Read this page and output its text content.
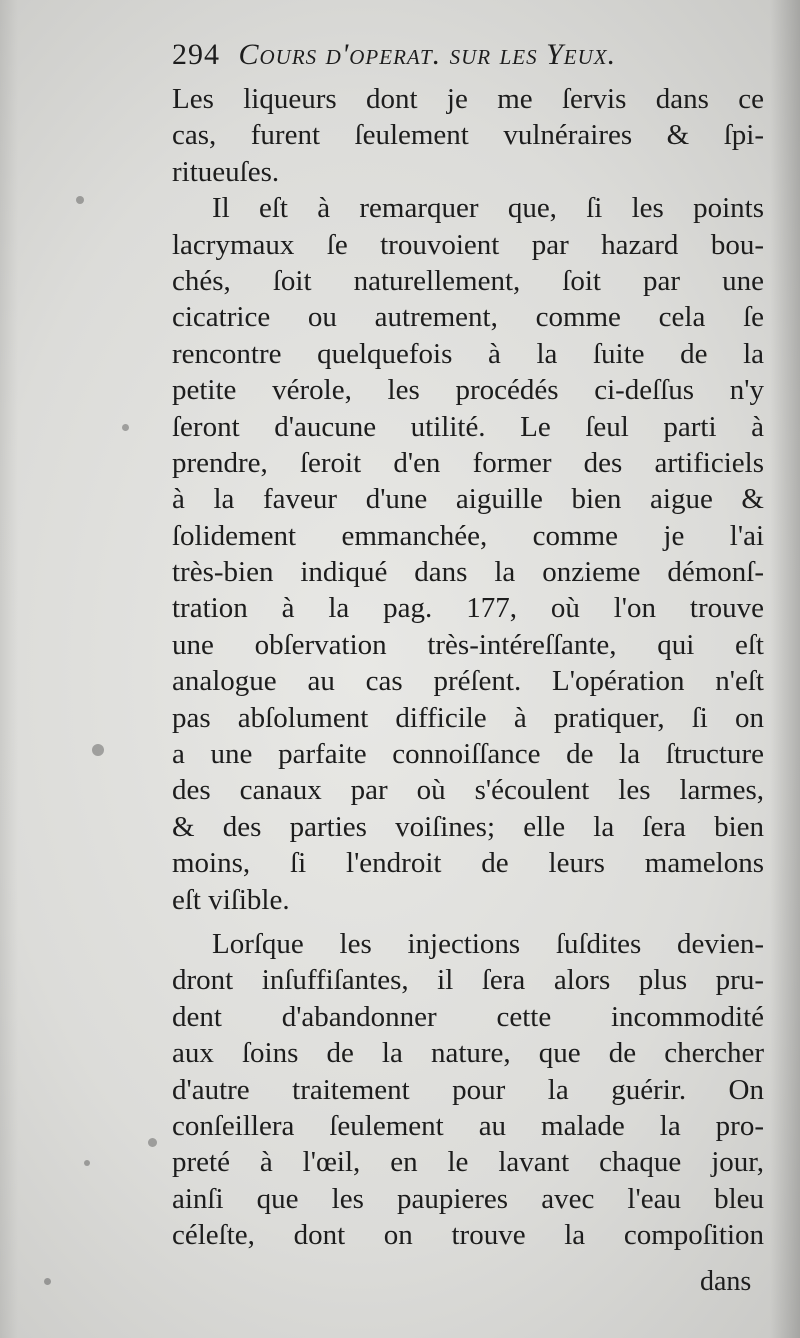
294 Cours d'operat. sur les Yeux.
Les liqueurs dont je me ſervis dans ce
cas, furent ſeulement vulnéraires & ſpi-
ritueuſes.
Il eſt à remarquer que, ſi les points
lacrymaux ſe trouvoient par hazard bou-
chés, ſoit naturellement, ſoit par une
cicatrice ou autrement, comme cela ſe
rencontre quelquefois à la ſuite de la
petite vérole, les procédés ci-deſſus n'y
ſeront d'aucune utilité. Le ſeul parti à
prendre, ſeroit d'en former des artificiels
à la faveur d'une aiguille bien aigue &
ſolidement emmanchée, comme je l'ai
très-bien indiqué dans la onzieme démonſ-
tration à la pag. 177, où l'on trouve
une obſervation très-intéreſſante, qui eſt
analogue au cas préſent. L'opération n'eſt
pas abſolument difficile à pratiquer, ſi on
a une parfaite connoiſſance de la ſtructure
des canaux par où s'écoulent les larmes,
& des parties voiſines; elle la ſera bien
moins, ſi l'endroit de leurs mamelons
eſt viſible.
Lorſque les injections ſuſdites devien-
dront inſuffiſantes, il ſera alors plus pru-
dent d'abandonner cette incommodité
aux ſoins de la nature, que de chercher
d'autre traitement pour la guérir. On
conſeillera ſeulement au malade la pro-
preté à l'œil, en le lavant chaque jour,
ainſi que les paupieres avec l'eau bleu
céleſte, dont on trouve la compoſition
dans
